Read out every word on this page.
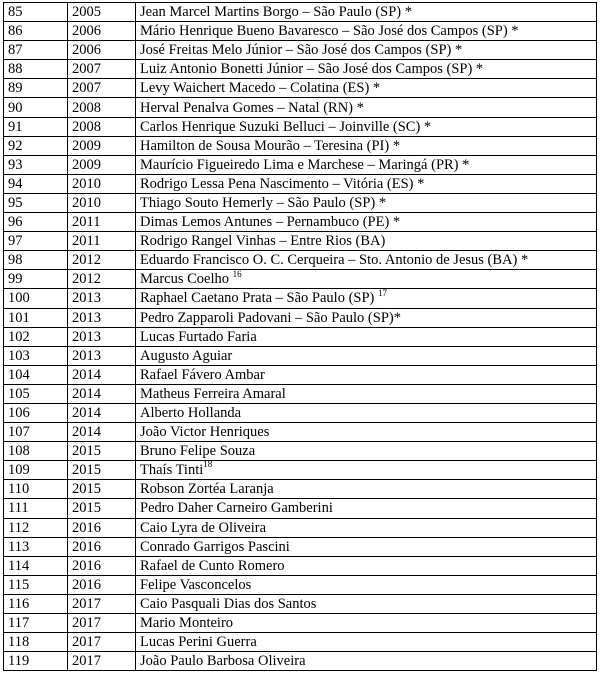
85	2005	Jean Marcel Martins Borgo – São Paulo (SP) *
86	2006	Mário Henrique Bueno Bavaresco – São José dos Campos (SP) *
87	2006	José Freitas Melo Júnior – São José dos Campos (SP) *
88	2007	Luiz Antonio Bonetti Júnior – São José dos Campos (SP) *
89	2007	Levy Waichert Macedo – Colatina (ES) *
90	2008	Herval Penalva Gomes – Natal (RN) *
91	2008	Carlos Henrique Suzuki Belluci – Joinville (SC) *
92	2009	Hamilton de Sousa Mourão – Teresina (PI) *
93	2009	Maurício Figueiredo Lima e Marchese – Maringá (PR) *
94	2010	Rodrigo Lessa Pena Nascimento – Vitória (ES) *
95	2010	Thiago Souto Hemerly – São Paulo (SP) *
96	2011	Dimas Lemos Antunes – Pernambuco (PE) *
97	2011	Rodrigo Rangel Vinhas – Entre Rios (BA)
98	2012	Eduardo Francisco O. C. Cerqueira – Sto. Antonio de Jesus (BA) *
99	2012	Marcus Coelho $^{16}$
100	2013	Raphael Caetano Prata – São Paulo (SP) $^{17}$
101	2013	Pedro Zapparoli Padovani – São Paulo (SP)*
102	2013	Lucas Furtado Faria
103	2013	Augusto Aguiar
104	2014	Rafael Fávero Ambar
105	2014	Matheus Ferreira Amaral
106	2014	Alberto Hollanda
107	2014	João Victor Henriques
108	2015	Bruno Felipe Souza
109	2015	Thaís Tinti$^{18}$
110	2015	Robson Zortéa Laranja
111	2015	Pedro Daher Carneiro Gamberini
112	2016	Caio Lyra de Oliveira
113	2016	Conrado Garrigos Pascini
114	2016	Rafael de Cunto Romero
115	2016	Felipe Vasconcelos
116	2017	Caio Pasquali Dias dos Santos
117	2017	Mario Monteiro
118	2017	Lucas Perini Guerra
119	2017	João Paulo Barbosa Oliveira
